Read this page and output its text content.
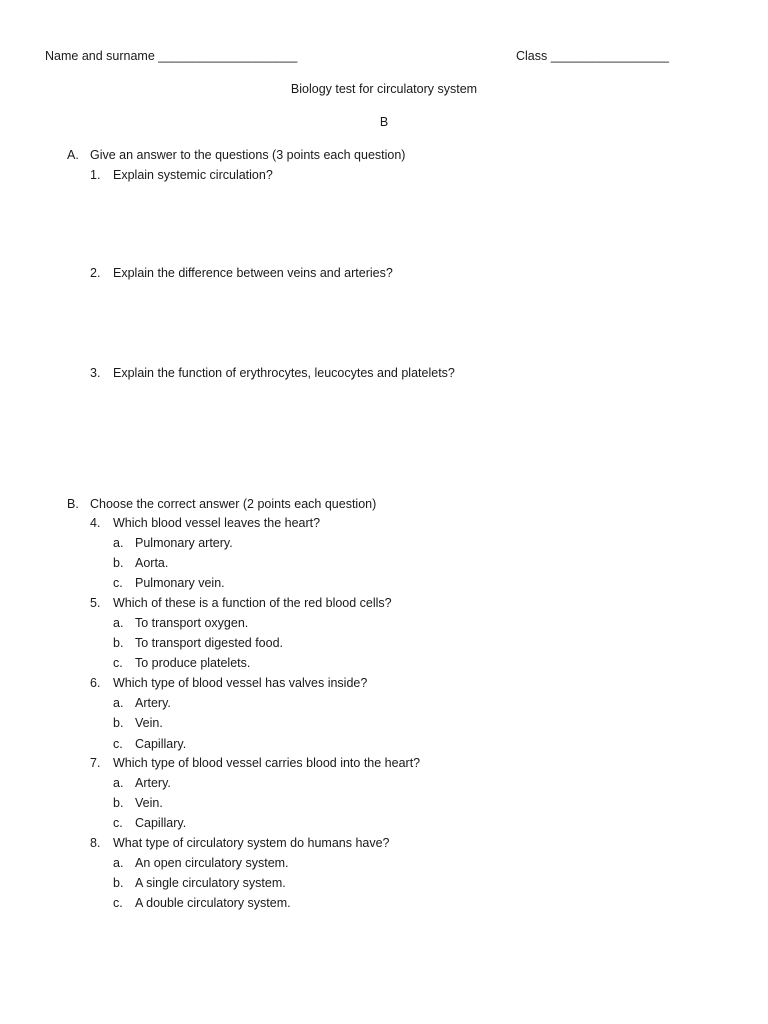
Name and surname ____________________	Class _________________
Biology test for circulatory system
B
A. Give an answer to the questions (3 points each question)
1. Explain systemic circulation?
2. Explain the difference between veins and arteries?
3. Explain the function of erythrocytes, leucocytes and platelets?
B. Choose the correct answer (2 points each question)
4. Which blood vessel leaves the heart?
a. Pulmonary artery.
b. Aorta.
c. Pulmonary vein.
5. Which of these is a function of the red blood cells?
a. To transport oxygen.
b. To transport digested food.
c. To produce platelets.
6. Which type of blood vessel has valves inside?
a. Artery.
b. Vein.
c. Capillary.
7. Which type of blood vessel carries blood into the heart?
a. Artery.
b. Vein.
c. Capillary.
8. What type of circulatory system do humans have?
a. An open circulatory system.
b. A single circulatory system.
c. A double circulatory system.
